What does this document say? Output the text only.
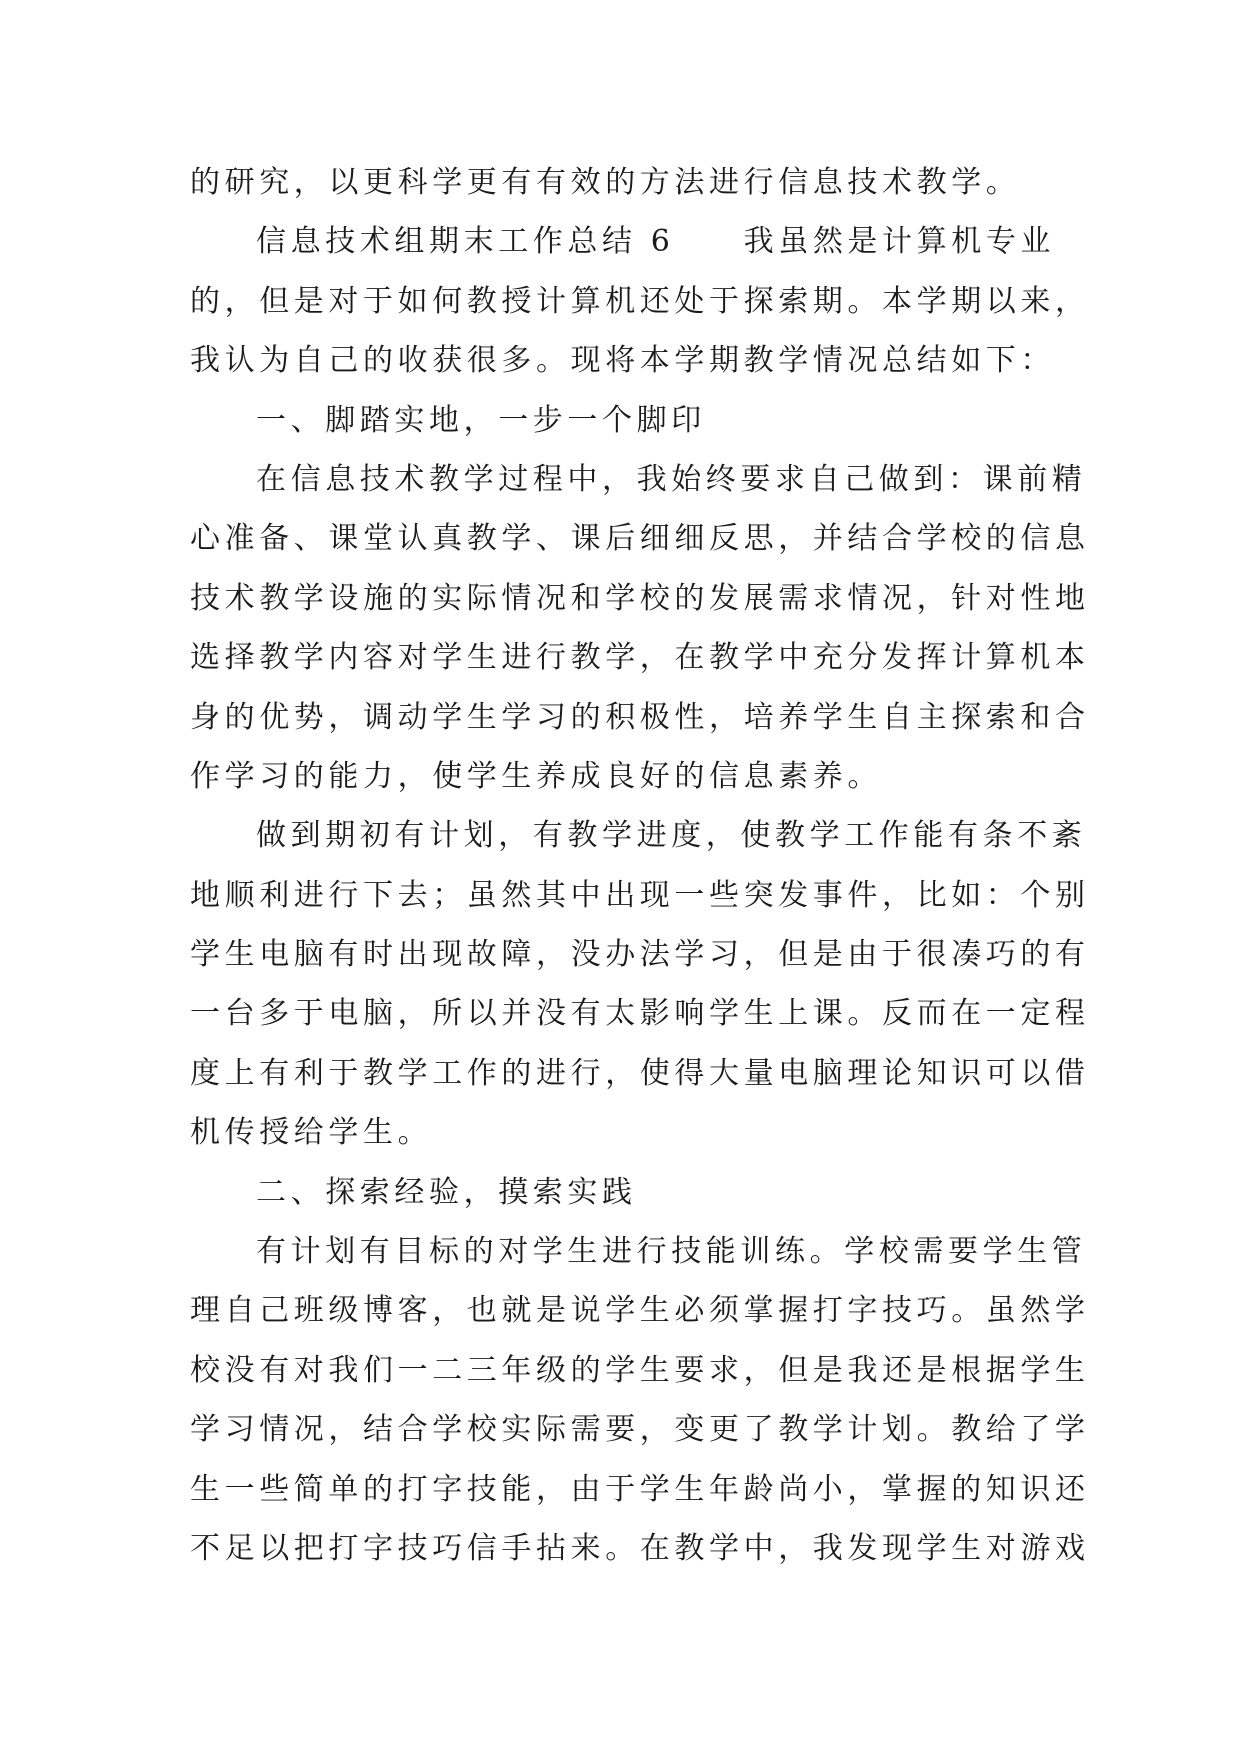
的研究，以更科学更有有效的方法进行信息技术教学。
信息技术组期末工作总结 6　　我虽然是计算机专业
的，但是对于如何教授计算机还处于探索期。本学期以来，
我认为自己的收获很多。现将本学期教学情况总结如下：
一、脚踏实地，一步一个脚印
在信息技术教学过程中，我始终要求自己做到：课前精
心准备、课堂认真教学、课后细细反思，并结合学校的信息
技术教学设施的实际情况和学校的发展需求情况，针对性地
选择教学内容对学生进行教学，在教学中充分发挥计算机本
身的优势，调动学生学习的积极性，培养学生自主探索和合
作学习的能力，使学生养成良好的信息素养。
做到期初有计划，有教学进度，使教学工作能有条不紊
地顺利进行下去；虽然其中出现一些突发事件，比如：个别
学生电脑有时出现故障，没办法学习，但是由于很凑巧的有
一台多于电脑，所以并没有太影响学生上课。反而在一定程
度上有利于教学工作的进行，使得大量电脑理论知识可以借
机传授给学生。
二、探索经验，摸索实践
有计划有目标的对学生进行技能训练。学校需要学生管
理自己班级博客，也就是说学生必须掌握打字技巧。虽然学
校没有对我们一二三年级的学生要求，但是我还是根据学生
学习情况，结合学校实际需要，变更了教学计划。教给了学
生一些简单的打字技能，由于学生年龄尚小，掌握的知识还
不足以把打字技巧信手拈来。在教学中，我发现学生对游戏
